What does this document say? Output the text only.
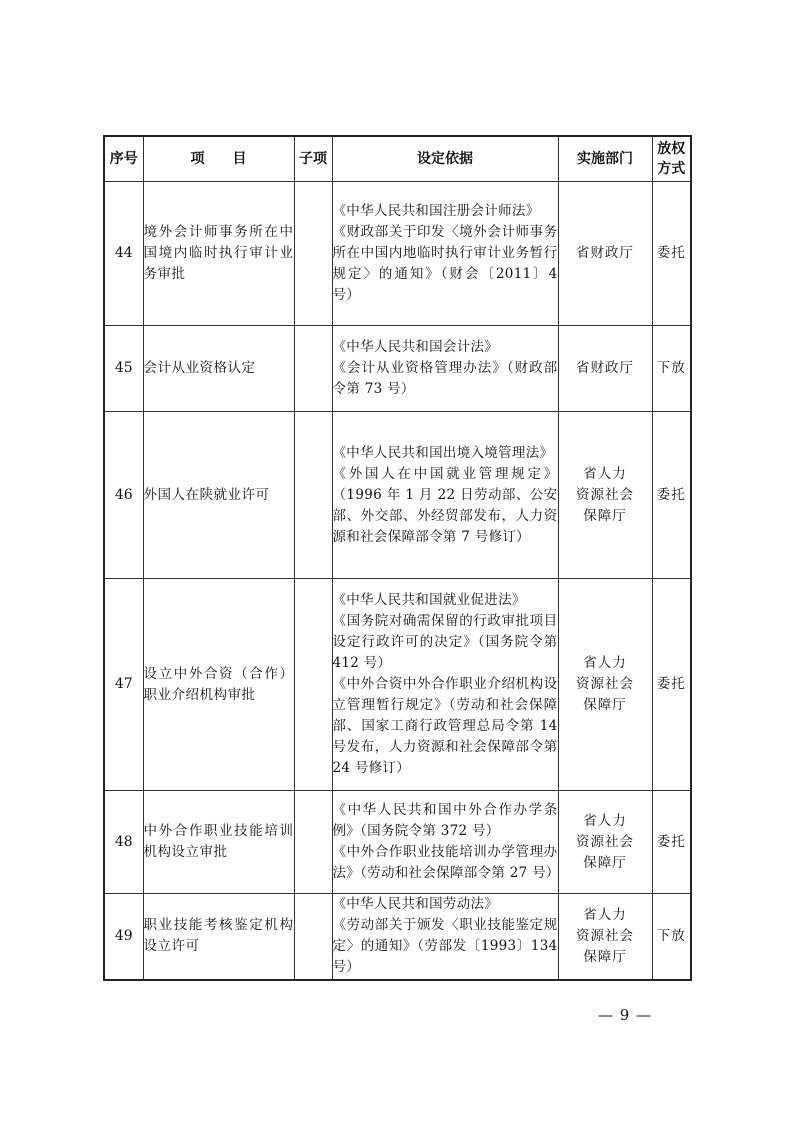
序号	项　　目	子项	设定依据	实施部门	放权
方式
44	境外会计师事务所在中国境内临时执行审计业务审批		《中华人民共和国注册会计师法》
《财政部关于印发〈境外会计师事务所在中国内地临时执行审计业务暂行规定〉的通知》（财会〔2011〕4 号）	省财政厅	委托
45	会计从业资格认定		《中华人民共和国会计法》
《会计从业资格管理办法》（财政部令第 73 号）	省财政厅	下放
46	外国人在陕就业许可		《中华人民共和国出境入境管理法》
《外国人在中国就业管理规定》（1996 年 1 月 22 日劳动部、公安部、外交部、外经贸部发布，人力资源和社会保障部令第 7 号修订）	省人力
资源社会
保障厅	委托
47	设立中外合资（合作）职业介绍机构审批		《中华人民共和国就业促进法》
《国务院对确需保留的行政审批项目设定行政许可的决定》（国务院令第 412 号）
《中外合资中外合作职业介绍机构设立管理暂行规定》（劳动和社会保障部、国家工商行政管理总局令第 14 号发布，人力资源和社会保障部令第 24 号修订）	省人力
资源社会
保障厅	委托
48	中外合作职业技能培训机构设立审批		《中华人民共和国中外合作办学条例》（国务院令第 372 号）
《中外合作职业技能培训办学管理办法》（劳动和社会保障部令第 27 号）	省人力
资源社会
保障厅	委托
49	职业技能考核鉴定机构设立许可		《中华人民共和国劳动法》
《劳动部关于颁发〈职业技能鉴定规定〉的通知》（劳部发〔1993〕134 号）	省人力
资源社会
保障厅	下放
— 9 —
